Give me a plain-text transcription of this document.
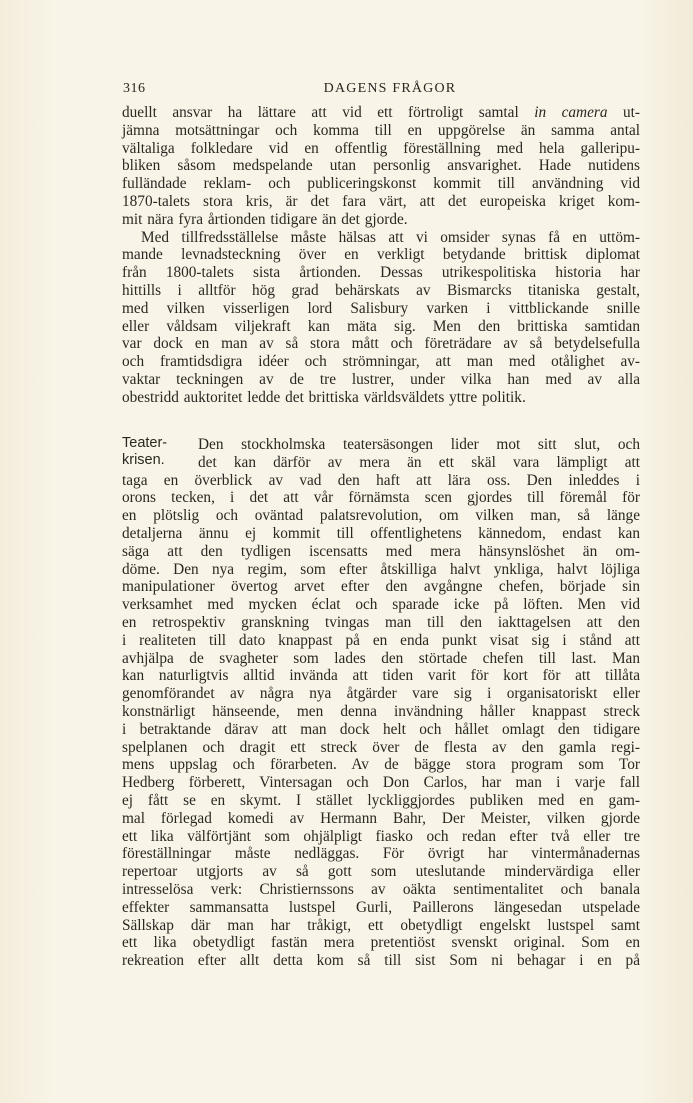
316	DAGENS FRÅGOR
duellt ansvar ha lättare att vid ett förtroligt samtal in camera ut-
jämna motsättningar och komma till en uppgörelse än samma antal
vältaliga folkledare vid en offentlig föreställning med hela galleripu-
bliken såsom medspelande utan personlig ansvarighet. Hade nutidens
fulländade reklam- och publiceringskonst kommit till användning vid
1870-talets stora kris, är det fara värt, att det europeiska kriget kom-
mit nära fyra årtionden tidigare än det gjorde.
Med tillfredsställelse måste hälsas att vi omsider synas få en uttöm-
mande levnadsteckning över en verkligt betydande brittisk diplomat
från 1800-talets sista årtionden. Dessas utrikespolitiska historia har
hittills i alltför hög grad behärskats av Bismarcks titaniska gestalt,
med vilken visserligen lord Salisbury varken i vittblickande snille
eller våldsam viljekraft kan mäta sig. Men den brittiska samtidan
var dock en man av så stora mått och företrädare av så betydelsefulla
och framtidsdigra idéer och strömningar, att man med otålighet av-
vaktar teckningen av de tre lustrer, under vilka han med av alla
obestridd auktoritet ledde det brittiska världsväldets yttre politik.
Teater-
krisen.
Den stockholmska teatersäsongen lider mot sitt slut, och
det kan därför av mera än ett skäl vara lämpligt att
taga en överblick av vad den haft att lära oss. Den inleddes i
orons tecken, i det att vår förnämsta scen gjordes till föremål för
en plötslig och oväntad palatsrevolution, om vilken man, så länge
detaljerna ännu ej kommit till offentlighetens kännedom, endast kan
säga att den tydligen iscensatts med mera hänsynslöshet än om-
döme. Den nya regim, som efter åtskilliga halvt ynkliga, halvt löjliga
manipulationer övertog arvet efter den avgångne chefen, började sin
verksamhet med mycken éclat och sparade icke på löften. Men vid
en retrospektiv granskning tvingas man till den iakttagelsen att den
i realiteten till dato knappast på en enda punkt visat sig i stånd att
avhjälpa de svagheter som lades den störtade chefen till last. Man
kan naturligtvis alltid invända att tiden varit för kort för att tillåta
genomförandet av några nya åtgärder vare sig i organisatoriskt eller
konstnärligt hänseende, men denna invändning håller knappast streck
i betraktande därav att man dock helt och hållet omlagt den tidigare
spelplanen och dragit ett streck över de flesta av den gamla regi-
mens uppslag och förarbeten. Av de bägge stora program som Tor
Hedberg förberett, Vintersagan och Don Carlos, har man i varje fall
ej fått se en skymt. I stället lyckliggjordes publiken med en gam-
mal förlegad komedi av Hermann Bahr, Der Meister, vilken gjorde
ett lika välförtjänt som ohjälpligt fiasko och redan efter två eller tre
föreställningar måste nedläggas. För övrigt har vintermånadernas
repertoar utgjorts av så gott som uteslutande mindervärdiga eller
intresselösa verk: Christiernssons av oäkta sentimentalitet och banala
effekter sammansatta lustspel Gurli, Paillerons längesedan utspelade
Sällskap där man har tråkigt, ett obetydligt engelskt lustspel samt
ett lika obetydligt fastän mera pretentiöst svenskt original. Som en
rekreation efter allt detta kom så till sist Som ni behagar i en på
